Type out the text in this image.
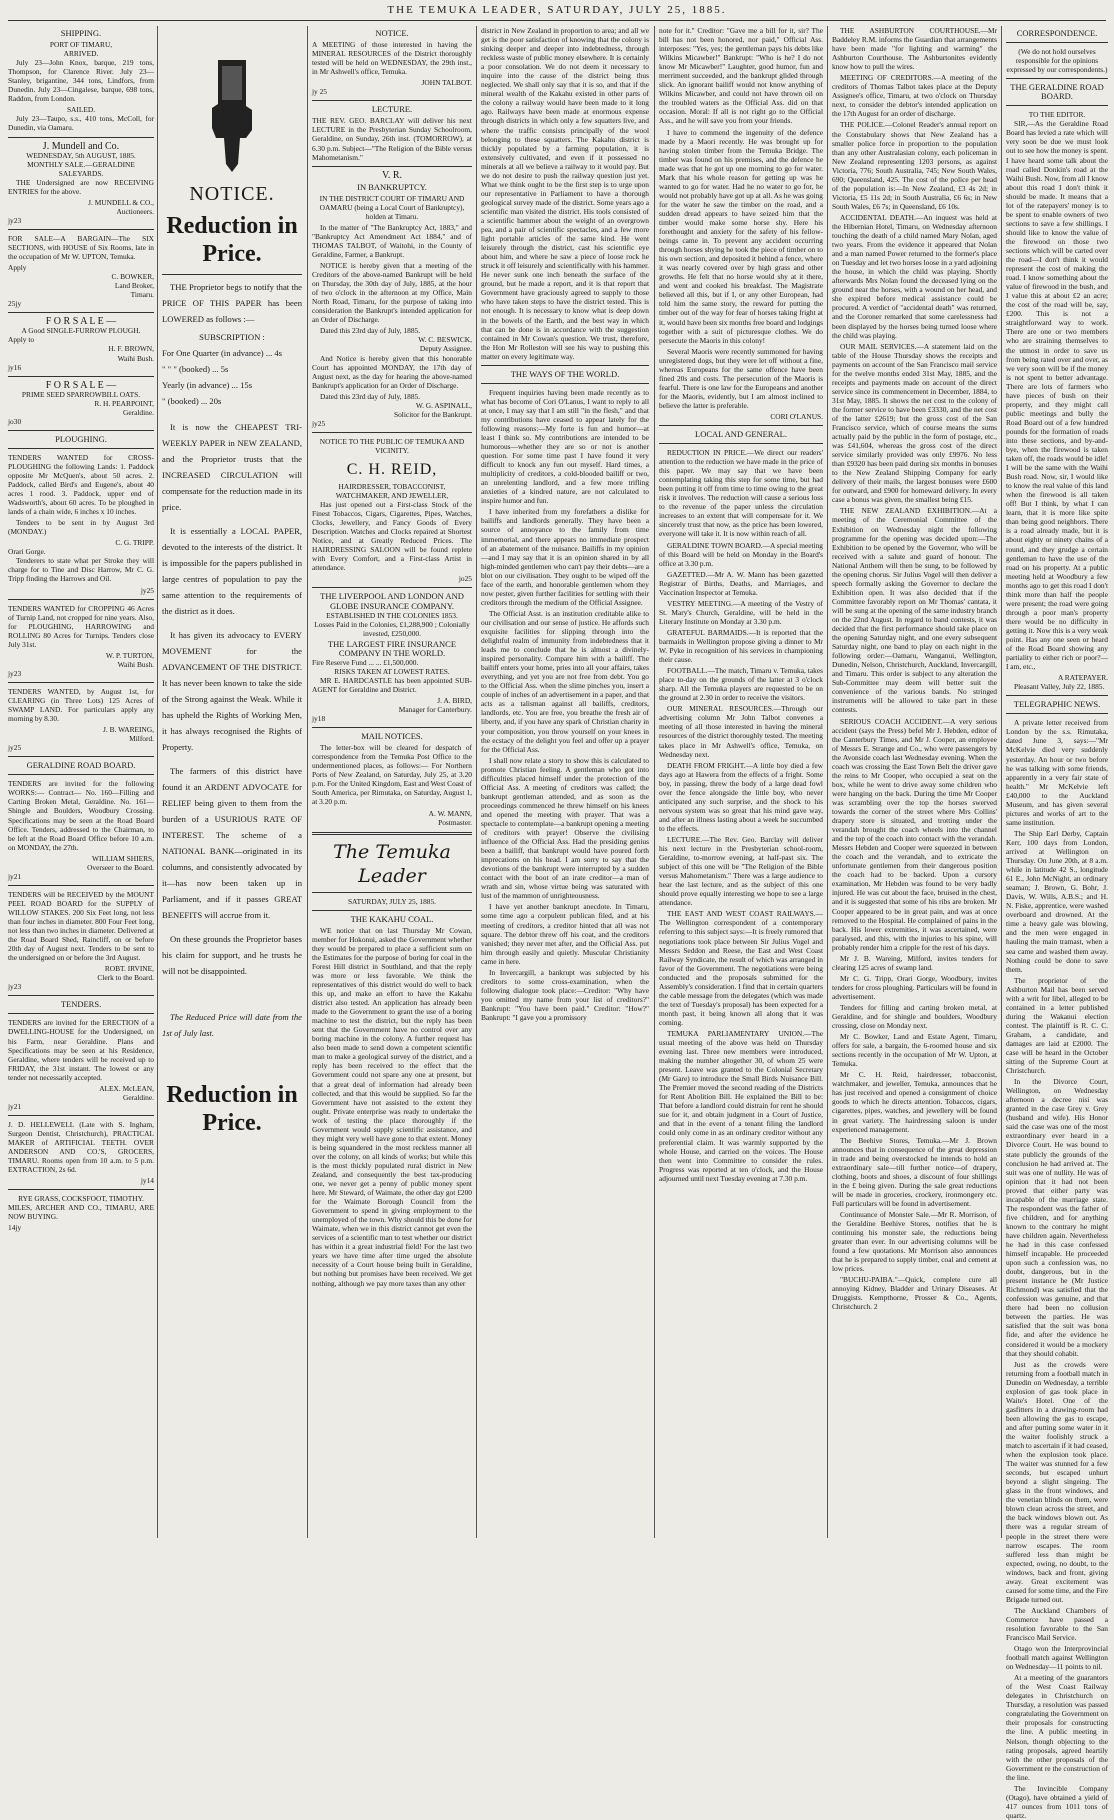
THE TEMUKA LEADER, SATURDAY, JULY 25, 1885.
SHIPPING.
PORT OF TIMARU,
ARRIVED.

July 23—John Knox, barque, 219 tons, Thompson, for Clarence River. July 23—Stanley, brigantine, 344 tons, Lindfors, from Dunedin. July 23—Cingalese, barque, 698 tons, Raddon, from London.

SAILED.

July 23—Taupo, s.s., 410 tons, McColl, for Dunedin, via Oamaru.

J. Mundell and Co.
WEDNESDAY, 5th AUGUST, 1885.
MONTHLY SALE.—GERALDINE SALEYARDS.

THE Undersigned are now RECEIVING ENTRIES for the above.

J. MUNDELL & CO.,
Auctioneers.
jy23

FOR SALE—A BARGAIN—The SIX SECTIONS, with HOUSE of Six Rooms, late in the occupation of Mr W. UPTON, Temuka.

Apply
C. BOWKER,
Land Broker,
Timaru.
25jy
F O R S A L E —
A Good SINGLE-FURROW PLOUGH.
Apply to
H. F. BROWN,
Waihi Bush.
jy16
F O R S A L E —
PRIME SEED SPARROWBILL OATS.
R. H. PEARPOINT,
Geraldine.
jo30
PLOUGHING.

TENDERS WANTED for CROSS-PLOUGHING the following Lands: 1. Paddock opposite Mr McQuen's, about 50 acres. 2. Paddock, called Bird's and Eugene's, about 40 acres 1 rood. 3. Paddock, upper end of Wadsworth's, about 60 acres. To be ploughed in lands of a chain wide, 6 inches x 10 inches.

Tenders to be sent in by August 3rd (MONDAY.)

C. G. TRIPP.
Orari Gorge.

Tenderers to state what per Stroke they will charge for to Tine and Disc Harrow, Mr C. G. Tripp finding the Harrows and Oil.

jy25

TENDERS WANTED for CROPPING 46 Acres of Turnip Land, not cropped for nine years. Also, for PLOUGHING, HARROWING and ROLLING 80 Acres for Turnips. Tenders close July 31st.

W. P. TURTON,
Waihi Bush.
jy23

TENDERS WANTED, by August 1st, for CLEARING (in Three Lots) 125 Acres of SWAMP LAND. For particulars apply any morning by 8.30.

J. B. WAREING,
Milford.
jy25
GERALDINE ROAD BOARD.

TENDERS are invited for the following WORKS:— Contract— No. 160—Filling and Carting Broken Metal, Geraldine. No. 161—Shingle and Boulders, Woodbury Crossing. Specifications may be seen at the Road Board Office. Tenders, addressed to the Chairman, to be left at the Road Board Office before 10 a.m. on MONDAY, the 27th.

WILLIAM SHIERS,
Overseer to the Board.
jy21

TENDERS will be RECEIVED by the MOUNT PEEL ROAD BOARD for the SUPPLY of WILLOW STAKES. 200 Six Feet long, not less than four inches in diameter. 800 Four Feet long, not less than two inches in diameter. Delivered at the Road Board Shed, Raincliff, on or before 20th day of August next. Tenders to be sent to the undersigned on or before the 3rd August.

ROBT. IRVINE,
Clerk to the Board.
jy23
TENDERS.

TENDERS are invited for the ERECTION of a DWELLING-HOUSE for the Undersigned, on his Farm, near Geraldine. Plans and Specifications may be seen at his Residence, Geraldine, where tenders will be received up to FRIDAY, the 31st instant. The lowest or any tender not necessarily accepted.

ALEX. McLEAN,
Geraldine.
jy21

J. D. HELLEWELL (Late with S. Ingham, Surgeon Dentist, Christchurch), PRACTICAL MAKER of ARTIFICIAL TEETH. OVER ANDERSON AND CO.'S, GROCERS, TIMARU. Rooms open from 10 a.m. to 5 p.m. EXTRACTION, 2s 6d.

jy14
RYE GRASS, COCKSFOOT, TIMOTHY.

MILES, ARCHER AND CO., TIMARU, ARE NOW BUYING.

14jy
NOTICE.
Reduction in Price.

THE Proprietor begs to notify that the PRICE OF THIS PAPER has been LOWERED as follows :—

SUBSCRIPTION :
For One Quarter (in advance) ... 4s
" " " (booked) ... 5s
Yearly (in advance) ... 15s
" (booked) ... 20s

It is now the CHEAPEST TRI-WEEKLY PAPER in NEW ZEALAND, and the Proprietor trusts that the INCREASED CIRCULATION will compensate for the reduction made in its price.

It is essentially a LOCAL PAPER, devoted to the interests of the district. It is impossible for the papers published in large centres of population to pay the same attention to the requirements of the district as it does.

It has given its advocacy to EVERY MOVEMENT for the ADVANCEMENT OF THE DISTRICT. It has never been known to take the side of the Strong against the Weak. While it has upheld the Rights of Working Men, it has always recognised the Rights of Property.

The farmers of this district have found it an ARDENT ADVOCATE for RELIEF being given to them from the burden of a USURIOUS RATE OF INTEREST. The scheme of a NATIONAL BANK—originated in its columns, and consistently advocated by it—has now been taken up in Parliament, and if it passes GREAT BENEFITS will accrue from it.

On these grounds the Proprietor bases his claim for support, and he trusts he will not be disappointed.

The Reduced Price will date from the 1st of July last.

Reduction in Price.
NOTICE.

A MEETING of those interested in having the MINERAL RESOURCES of the District thoroughly tested will be held on WEDNESDAY, the 29th inst., in Mr Ashwell's office, Temuka.

JOHN TALBOT.
jy 25
LECTURE.

THE REV. GEO. BARCLAY will deliver his next LECTURE in the Presbyterian Sunday Schoolroom, Geraldine, on Sunday, 26th inst. (TOMORROW), at 6.30 p.m. Subject—"The Religion of the Bible versus Mahometanism."

V. R.
IN BANKRUPTCY.

IN THE DISTRICT COURT OF TIMARU AND OAMARU (being a Local Court of Bankruptcy), holden at Timaru.

In the matter of "The Bankruptcy Act, 1883," and "Bankruptcy Act Amendment Act 1884," and of THOMAS TALBOT, of Waitohi, in the County of Geraldine, Farmer, a Bankrupt.

NOTICE is hereby given that a meeting of the Creditors of the above-named Bankrupt will be held on Thursday, the 30th day of July, 1885, at the hour of two o'clock in the afternoon at my Office, Main North Road, Timaru, for the purpose of taking into consideration the Bankrupt's intended application for an Order of Discharge.

Dated this 23rd day of July, 1885.
W. C. BESWICK,
Deputy Assignee.

And Notice is hereby given that this honorable Court has appointed MONDAY, the 17th day of August next, as the day for hearing the above-named Bankrupt's application for an Order of Discharge.

Dated this 23rd day of July, 1885.
W. G. ASPINALL,
Solicitor for the Bankrupt.
jy25
NOTICE TO THE PUBLIC OF TEMUKA AND VICINITY.
C. H. REID,
HAIRDRESSER, TOBACCONIST, WATCHMAKER, AND JEWELLER,

Has just opened out a First-class Stock of the Finest Tobaccos, Cigars, Cigarettes, Pipes, Watches, Clocks, Jewellery, and Fancy Goods of Every Description. Watches and Clocks repaired at Shortest Notice, and at Greatly Reduced Prices. The HAIRDRESSING SALOON will be found replete with Every Comfort, and a First-class Artist in attendance.

jo25
THE LIVERPOOL AND LONDON AND GLOBE INSURANCE COMPANY.
ESTABLISHED IN THE COLONIES 1853.

Losses Paid in the Colonies, £1,288,900 ; Colonially invested, £250,000.

THE LARGEST FIRE INSURANCE COMPANY IN THE WORLD.
Fire Reserve Fund ... ... £1,500,000.
RISKS TAKEN AT LOWEST RATES.

MR E. HARDCASTLE has been appointed SUB-AGENT for Geraldine and District.

J. A. BIRD,
Manager for Canterbury.
jy18
MAIL NOTICES.

The letter-box will be cleared for despatch of correspondence from the Temuka Post Office to the undermentioned places, as follows:— For Northern Ports of New Zealand, on Saturday, July 25, at 3.20 p.m. For the United Kingdom, East and West Coast of South America, per Rimutaka, on Saturday, August 1, at 3.20 p.m.

A. W. MANN,
Postmaster.
The Temuka Leader
SATURDAY, JULY 25, 1885.
THE KAKAHU COAL.

WE notice that on last Thursday Mr Cowan, member for Hokonui, asked the Government whether they would be prepared to place a sufficient sum on the Estimates for the purpose of boring for coal in the Forest Hill district in Southland, and that the reply was more or less favorable. We think the representatives of this district would do well to back this up, and make an effort to have the Kakahu district also tested. An application has already been made to the Government to grant the use of a boring machine to test the district, but the reply has been sent that the Government have no control over any boring machine in the colony. A further request has also been made to send down a competent scientific man to make a geological survey of the district, and a reply has been received to the effect that the Government could not spare any one at present, but that a great deal of information had already been collected, and that this would be supplied. So far the Government have not assisted to the extent they ought. Private enterprise was ready to undertake the work of testing the place thoroughly if the Government would supply scientific assistance, and they might very well have gone to that extent. Money is being squandered in the most reckless manner all over the colony, on all kinds of works; but while this is the most thickly populated rural district in New Zealand, and consequently the best tax-producing one, we never get a penny of public money spent here. Mr Steward, of Waimate, the other day got £200 for the Waimate Borough Council from the Government to spend in giving employment to the unemployed of the town. Why should this be done for Waimate, when we in this district cannot get even the services of a scientific man to test whether our district has within it a great industrial field! For the last two years we have time after time urged the absolute necessity of a Court house being built in Geraldine, but nothing but promises have been received. We get nothing, although we pay more taxes than any other

district in New Zealand in proportion to area; and all we get is the poor satisfaction of knowing that the colony is sinking deeper and deeper into indebtedness, through reckless waste of public money elsewhere. It is certainly a poor consolation. We do not deem it necessary to inquire into the cause of the district being thus neglected. We shall only say that it is so, and that if the mineral wealth of the Kakahu existed in other parts of the colony a railway would have been made to it long ago. Railways have been made at enormous expense through districts in which only a few squatters live, and where the traffic consists principally of the wool belonging to these squatters. The Kakahu district is thickly populated by a farming population, it is extensively cultivated, and even if it possessed no minerals at all we believe a railway to it would pay. But we do not desire to push the railway question just yet. What we think ought to be the first step is to urge upon our representative in Parliament to have a thorough geological survey made of the district. Some years ago a scientific man visited the district. His tools consisted of a scientific hammer about the weight of an overgrown pea, and a pair of scientific spectacles, and a few more light portable articles of the same kind. He went leisurely through the district, cast his scientific eye about him, and where he saw a piece of loose rock he struck it off leisurely and scientifically with his hammer. He never sunk one inch beneath the surface of the ground, but he made a report, and it is that report that Government have graciously agreed to supply to those who have taken steps to have the district tested. This is not enough. It is necessary to know what is deep down in the bowels of the Earth, and the best way in which that can be done is in accordance with the suggestion contained in Mr Cowan's question. We trust, therefore, the Hon Mr Rolleston will see his way to pushing this matter on every legitimate way.

THE WAYS OF THE WORLD.

Frequent inquiries having been made recently as to what has become of Cori O'Lanus, I want to reply to all at once, I may say that I am still "in the flesh," and that my contributions have ceased to appear lately for the following reasons:—My forte is fun and humor—at least I think so. My contributions are intended to be humorous—whether they are so or not is another question. For some time past I have found it very difficult to knock any fun out myself. Hard times, a multiplicity of creditors, a cold-blooded bailiff or two, an unrelenting landlord, and a few more trifling anxieties of a kindred nature, are not calculated to inspire humor and fun.

I have inherited from my forefathers a dislike for bailiffs and landlords generally. They have been a source of annoyance to the family from time immemorial, and there appears no immediate prospect of an abatement of the nuisance. Bailiffs in my opinion—and I may say that it is an opinion shared in by all high-minded gentlemen who can't pay their debts—are a blot on our civilisation. They ought to be wiped off the face of the earth, and honorable gentlemen whom they now pester, given further facilities for settling with their creditors through the medium of the Official Assignee.

The Official Asst. is an institution creditable alike to our civilisation and our sense of justice. He affords such exquisite facilities for slipping through into the delightful realm of immunity from indebtedness that it leads me to conclude that he is almost a divinely-inspired personality. Compare him with a bailiff. The bailiff enters your home, pries into all your affairs, takes everything, and yet you are not free from debt. You go to the Official Ass. when the slime pinches you, insert a couple of inches of an advertisement in a paper, and that acts as a talisman against all bailiffs, creditors, landlords, etc. You are free, you breathe the fresh air of liberty, and, if you have any spark of Christian charity in your composition, you throw yourself on your knees in the ecstacy of the delight you feel and offer up a prayer for the Official Ass.

I shall now relate a story to show this is calculated to promote Christian feeling. A gentleman who got into difficulties placed himself under the protection of the Official Ass. A meeting of creditors was called; the bankrupt gentleman attended, and as soon as the proceedings commenced he threw himself on his knees and opened the meeting with prayer. That was a spectacle to contemplate—a bankrupt opening a meeting of creditors with prayer! Observe the civilising influence of the Official Ass. Had the presiding genius been a bailiff, that bankrupt would have poured forth imprecations on his head. I am sorry to say that the devotions of the bankrupt were interrupted by a sudden contact with the boot of an irate creditor—a man of wrath and sin, whose virtue being was saturated with lust of the mammon of unrighteousness.

I have yet another bankrupt anecdote. In Timaru, some time ago a corpulent publican filed, and at his meeting of creditors, a creditor hinted that all was not square. The debtor threw off his coat, and the creditors vanished; they never met after, and the Official Ass. put him through easily and quietly. Muscular Christianity came in here.

In Invercargill, a bankrupt was subjected by his creditors to some cross-examination, when the following dialogue took place:—Creditor: "Why have you omitted my name from your list of creditors?" Bankrupt: "You have been paid." Creditor: "How?" Bankrupt: "I gave you a promissory

note for it." Creditor: "Gave me a bill for it, sir? The bill has not been honored, nor paid," Official Ass. interposes: "Yes, yes; the gentleman pays his debts like Wilkins Micawber!" Bankrupt: "Who is he? I do not know Mr Micawber!" Laughter, good humor, fun and merriment succeeded, and the bankrupt glided through slick. An ignorant bailiff would not know anything of Wilkins Micawber, and could not have thrown oil on the troubled waters as the Official Ass. did on that occasion. Moral: If all is not right go to the Official Ass., and he will save you from your friends.

I have to commend the ingenuity of the defence made by a Maori recently. He was brought up for having stolen timber from the Temuka Bridge. The timber was found on his premises, and the defence he made was that he got up one morning to go for water. Mark that his whole reason for getting up was he wanted to go for water. Had he no water to go for, he would not probably have got up at all. As he was going for the water he saw the timber on the road, and a sudden dread appears to have seized him that the timber would make some horse shy. Here his forethought and anxiety for the safety of his fellow-beings came in. To prevent any accident occurring through horses shying he took the piece of timber on to his own section, and deposited it behind a fence, where it was nearly covered over by high grass and other growths. He felt that no horse would shy at it there, and went and cooked his breakfast. The Magistrate believed all this, but if I, or any other European, had told him the same story, the reward for putting the timber out of the way for fear of horses taking fright at it, would have been six months free board and lodgings together with a suit of picturesque clothes. We do persecute the Maoris in this colony!

Several Maoris were recently summoned for having unregistered dogs, but they were let off without a fine, whereas Europeans for the same offence have been fined 20s and costs. The persecution of the Maoris is fearful. There is one law for the Europeans and another for the Maoris, evidently, but I am almost inclined to believe the latter is preferable.

CORI O'LANUS.
LOCAL AND GENERAL.

REDUCTION IN PRICE.—We direct our readers' attention to the reduction we have made in the price of this paper. We may say that we have been contemplating taking this step for some time, but had been putting it off from time to time owing to the great risk it involves. The reduction will cause a serious loss to the revenue of the paper unless the circulation increases to an extent that will compensate for it. We sincerely trust that now, as the price has been lowered, everyone will take it. It is now within reach of all.

GERALDINE TOWN BOARD.—A special meeting of this Board will be held on Monday in the Board's office at 3.30 p.m.

GAZETTED.—Mr A. W. Mann has been gazetted Registrar of Births, Deaths, and Marriages, and Vaccination Inspector at Temuka.

VESTRY MEETING.—A meeting of the Vestry of St. Mary's Church, Geraldine, will be held in the Literary Institute on Monday at 3.30 p.m.

GRATEFUL BARMAIDS.—It is reported that the barmaids in Wellington propose giving a dinner to Mr W. Pyke in recognition of his services in championing their cause.

FOOTBALL.—The match, Timaru v. Temuka, takes place to-day on the grounds of the latter at 3 o'clock sharp. All the Temuka players are requested to be on the ground at 2.30 in order to receive the visitors.

OUR MINERAL RESOURCES.—Through our advertising column Mr John Talbot convenes a meeting of all those interested in having the mineral resources of the district thoroughly tested. The meeting takes place in Mr Ashwell's office, Temuka, on Wednesday next.

DEATH FROM FRIGHT.—A little boy died a few days ago at Hawera from the effects of a fright. Some boy, in passing, threw the body of a large dead fowl over the fence alongside the little boy, who never anticipated any such surprise, and the shock to his nervous system was so great that his mind gave way, and after an illness lasting about a week he succumbed to the effects.

LECTURE.—The Rev. Geo. Barclay will deliver his next lecture in the Presbyterian school-room, Geraldine, to-morrow evening, at half-past six. The subject of this one will be "The Religion of the Bible versus Mahometanism." There was a large audience to hear the last lecture, and as the subject of this one should prove equally interesting we hope to see a large attendance.

THE EAST AND WEST COAST RAILWAYS.—The Wellington correspondent of a contemporary referring to this subject says:—It is freely rumored that negotiations took place between Sir Julius Vogel and Messrs Seddon and Reese, the East and West Coast Railway Syndicate, the result of which was arranged in favor of the Government. The negotiations were being conducted and the proposals submitted for the Assembly's consideration. I find that in certain quarters the cable message from the delegates (which was made the text of Tuesday's proposal) has been expected for a month past, it being known all along that it was coming.

TEMUKA PARLIAMENTARY UNION.—The usual meeting of the above was held on Thursday evening last. Three new members were introduced, making the number altogether 30, of whom 25 were present. Leave was granted to the Colonial Secretary (Mr Gare) to introduce the Small Birds Nuisance Bill. The Premier moved the second reading of the Districts for Rent Abolition Bill. He explained the Bill to be: That before a landlord could distrain for rent he should sue for it, and obtain judgment in a Court of Justice, and that in the event of a tenant filing the landlord could only come in as an ordinary creditor without any preferential claim. It was warmly supported by the whole House, and carried on the voices. The House then went into Committee to consider the rules. Progress was reported at ten o'clock, and the House adjourned until next Tuesday evening at 7.30 p.m.

THE ASHBURTON COURTHOUSE.—Mr Baddeley R.M. informs the Guardian that arrangements have been made "for lighting and warming" the Ashburton Courthouse. The Ashburtonites evidently know how to pull the wires.

MEETING OF CREDITORS.—A meeting of the creditors of Thomas Talbot takes place at the Deputy Assignee's office, Timaru, at two o'clock on Thursday next, to consider the debtor's intended application on the 17th August for an order of discharge.

THE POLICE.—Colonel Reader's annual report on the Constabulary shows that New Zealand has a smaller police force in proportion to the population than any other Australasian colony, each policeman in New Zealand representing 1203 persons, as against Victoria, 776; South Australia, 745; New South Wales, 690; Queensland, 425. The cost of the police per head of the population is:—In New Zealand, £3 4s 2d; in Victoria, £5 11s 2d; in South Australia, £6 6s; in New South Wales, £6 7s; in Queensland, £6 10s.

ACCIDENTAL DEATH.—An inquest was held at the Hibernian Hotel, Timaru, on Wednesday afternoon touching the death of a child named Mary Nolan, aged two years. From the evidence it appeared that Nolan and a man named Power returned to the former's place on Tuesday and let two horses loose in a yard adjoining the house, in which the child was playing. Shortly afterwards Mrs Nolan found the deceased lying on the ground near the horses, with a wound on her head, and she expired before medical assistance could be procured. A verdict of "accidental death" was returned, and the Coroner remarked that some carelessness had been displayed by the horses being turned loose where the child was playing.

OUR MAIL SERVICES.—A statement laid on the table of the House Thursday shows the receipts and payments on account of the San Francisco mail service for the twelve months ended 31st May, 1885, and the receipts and payments made on account of the direct service since its commencement in December, 1884, to 31st May, 1885. It shows the net cost to the colony of the former service to have been £3330, and the net cost of the latter £2619; but the gross cost of the San Francisco service, which of course means the sums actually paid by the public in the form of postage, etc., was £41,604, whereas the gross cost of the direct service similarly provided was only £9976. No less than £9320 has been paid during six months in bonuses to the New Zealand Shipping Company for early delivery of their mails, the largest bonuses were £600 for outward, and £900 for homeward delivery. In every case a bonus was given, the smallest being £15.

THE NEW ZEALAND EXHIBITION.—At a meeting of the Ceremonial Committee of the Exhibition on Wednesday night the following programme for the opening was decided upon:—The Exhibition to be opened by the Governor, who will be received with a salute and guard of honour. The National Anthem will then be sung, to be followed by the opening chorus. Sir Julius Vogel will then deliver a speech formally asking the Governor to declare the Exhibition open. It was also decided that if the Committee favorably report on Mr Thomas' cantata, it will be sung at the opening of the same industry branch on the 22nd August. In regard to band contests, it was decided that the first performance should take place on the opening Saturday night, and one every subsequent Saturday night, one band to play on each night in the following order:—Oamaru, Wanganui, Wellington, Dunedin, Nelson, Christchurch, Auckland, Invercargill, and Timaru. This order is subject to any alteration the Sub-Committee may deem will better suit the convenience of the various bands. No stringed instruments will be allowed to take part in these contests.

SERIOUS COACH ACCIDENT.—A very serious accident (says the Press) befel Mr J. Hebden, editor of the Canterbury Times, and Mr J. Cooper, an employee of Messrs E. Strange and Co., who were passengers by the Avonside coach last Wednesday evening. When the coach was crossing the East Town Belt the driver gave the reins to Mr Cooper, who occupied a seat on the box, while he went to drive away some children who were hanging on the back. During the time Mr Cooper was scrambling over the top the horses swerved towards the corner of the street where Mrs Collins' drapery store is situated, and trotting under the verandah brought the coach wheels into the channel and the top of the coach into contact with the verandah. Messrs Hebden and Cooper were squeezed in between the coach and the verandah, and to extricate the unfortunate gentlemen from their dangerous position the coach had to be backed. Upon a cursory examination, Mr Hebden was found to be very badly injured. He was cut about the face, bruised in the chest, and it is suggested that some of his ribs are broken. Mr Cooper appeared to be in great pain, and was at once removed to the Hospital. He complained of pains in the back. His lower extremities, it was ascertained, were paralysed, and this, with the injuries to his spine, will probably render him a cripple for the rest of his days.

Mr J. B. Wareing, Milford, invites tenders for clearing 125 acres of swamp land.

Mr C. G. Tripp, Orari Gorge, Woodbury, invites tenders for cross ploughing. Particulars will be found in advertisement.

Tenders for filling and carting broken metal, at Geraldine, and for shingle and boulders, Woodbury crossing, close on Monday next.

Mr C. Bowker, Land and Estate Agent, Timaru, offers for sale, a bargain, the 6-roomed house and six sections recently in the occupation of Mr W. Upton, at Temuka.

Mr C. H. Reid, hairdresser, tobacconist, watchmaker, and jeweller, Temuka, announces that he has just received and opened a consignment of choice goods to which he directs attention. Tobaccos, cigars, cigarettes, pipes, watches, and jewellery will be found in great variety. The hairdressing saloon is under experienced management.

The Beehive Stores, Temuka.—Mr J. Brown announces that in consequence of the great depression in trade and being overstocked he intends to hold an extraordinary sale—till further notice—of drapery, clothing, boots and shoes, a discount of four shillings in the £ being given. During the sale great reductions will be made in groceries, crockery, ironmongery etc. Full particulars will be found in advertisement.

Continuance of Monster Sale.—Mr R. Morrison, of the Geraldine Beehive Stores, notifies that he is continuing his monster sale, the reductions being greater than ever. In our advertising columns will be found a few quotations. Mr Morrison also announces that he is prepared to supply timber, coal and cement at low prices.

"BUCHU-PAIBA."—Quick, complete cure all annoying Kidney, Bladder and Urinary Diseases. At Druggists. Kempthorne, Prosser & Co., Agents, Christchurch. 2

CORRESPONDENCE.

(We do not hold ourselves responsible for the opinions expressed by our correspondents.)

THE GERALDINE ROAD BOARD.
TO THE EDITOR.

SIR,—As the Geraldine Road Board has levied a rate which will very soon be due we must look out to see how the money is spent. I have heard some talk about the road called Donkin's road at the Waihi Bush. Now, from all I know about this road I don't think it should be made. It means that a lot of the ratepayers' money is to be spent to enable owners of two sections to save a few shillings. I should like to know the value of the firewood on those two sections which will be carted over the road—I don't think it would represent the cost of making the road. I know something about the value of firewood in the bush, and I value this at about £2 an acre; the cost of the road will be, say, £200. This is not a straightforward way to work. There are one or two members who are straining themselves to the utmost in order to save us from being rated over and over, as we very soon will be if the money is not spent to better advantage. There are lots of farmers who have pieces of bush on their property, and they might call public meetings and bully the Road Board out of a few hundred pounds for the formation of roads into these sections, and by-and-bye, when the firewood is taken taken off, the roads would be idle! I will be the same with the Waihi Bush road. Now, sir, I would like to know the real value of this land when the firewood is all taken off! But I think, by what I can learn, that it is more like spite than being good neighbors. There is a road already made, but it is about eighty or ninety chains of a round, and they grudge a certain gentleman to have the use of the road on his property. At a public meeting held at Woodbury a few months ago to get this road I don't think more than half the people were present; the road were going through a poor man's property there would be no difficulty in getting it. Now this is a very weak point. Has any one seen or heard of the Road Board showing any partiality to either rich or poor?—I am, etc.,

A RATEPAYER.
Pleasant Valley, July 22, 1885.
TELEGRAPHIC NEWS.

A private letter received from London by the s.s. Rimutaka, dated June 3, says:—"Mr McKelvie died very suddenly yesterday. An hour or two before he was talking with some friends, apparently in a very fair state of health." Mr McKelvie left £40,000 to the Auckland Museum, and has given several pictures and works of art to the same institution.

The Ship Earl Derby, Captain Kerr, 100 days from London, arrived at Wellington on Thursday. On June 20th, at 8 a.m. while in latitude 42 S., longitude 61 E., John McNight, an ordinary seaman; J. Brown, G. Bohr, J. Davis, W. Wills, A.B.S.; and H. N. Fiske, apprentice, were washed overboard and drowned. At the time a heavy gale was blowing, and the men were engaged in hauling the main tramast, when a sea came and washed them away. Nothing could be done to save them.

The proprietor of the Ashburton Mail has been served with a writ for libel, alleged to be contained in a letter published during the Wakanui election contest. The plaintiff is R. C. C. Graham, a candidate, and damages are laid at £2000. The case will be heard in the October sitting of the Supreme Court at Christchurch.

In the Divorce Court, Wellington, on Wednesday afternoon a decree nisi was granted in the case Grey v. Grey (husband and wife). His Honor said the case was one of the most extraordinary ever heard in a Divorce Court. He was bound to state publicly the grounds of the conclusion he had arrived at. The suit was one of nullity. He was of opinion that it had not been proved that either party was incapable of the marriage state. The respondent was the father of five children, and for anything known to the contrary he might have children again. Nevertheless he had in this case confessed himself incapable. He proceeded upon such a confession was, no doubt, dangerous, but in the present instance he (Mr Justice Richmond) was satisfied that the confession was genuine, and that there had been no collusion between the parties. He was satisfied that the suit was bona fide, and after the evidence he considered it would be a mockery that they should cohabit.

Just as the crowds were returning from a football match in Dunedin on Wednesday, a terrible explosion of gas took place in Waite's Hotel. One of the gasfitters in a drawing-room had been allowing the gas to escape, and after putting some water in it the waiter foolishly struck a match to ascertain if it had ceased, when the explosion took place. The waiter was stunned for a few seconds, but escaped unhurt beyond a slight singeing. The glass in the front windows, and the venetian blinds on them, were blown clean across the street, and the back windows blown out. As there was a regular stream of people in the street there were narrow escapes. The room suffered less than might be expected, owing, no doubt, to the windows, back and front, giving away. Great excitement was caused for some time, and the Fire Brigade turned out.

The Auckland Chambers of Commerce have passed a resolution favorable to the San Francisco Mail Service.

Otago won the Interprovincial football match against Wellington on Wednesday—11 points to nil.

At a meeting of the guarantors of the West Coast Railway delegates in Christchurch on Thursday, a resolution was passed congratulating the Government on their proposals for constructing the line. A public meeting in Nelson, though objecting to the rating proposals, agreed heartily with the other proposals of the Government re the construction of the line.

The Invincible Company (Otago), have obtained a yield of 417 ounces from 1011 tons of quartz.
